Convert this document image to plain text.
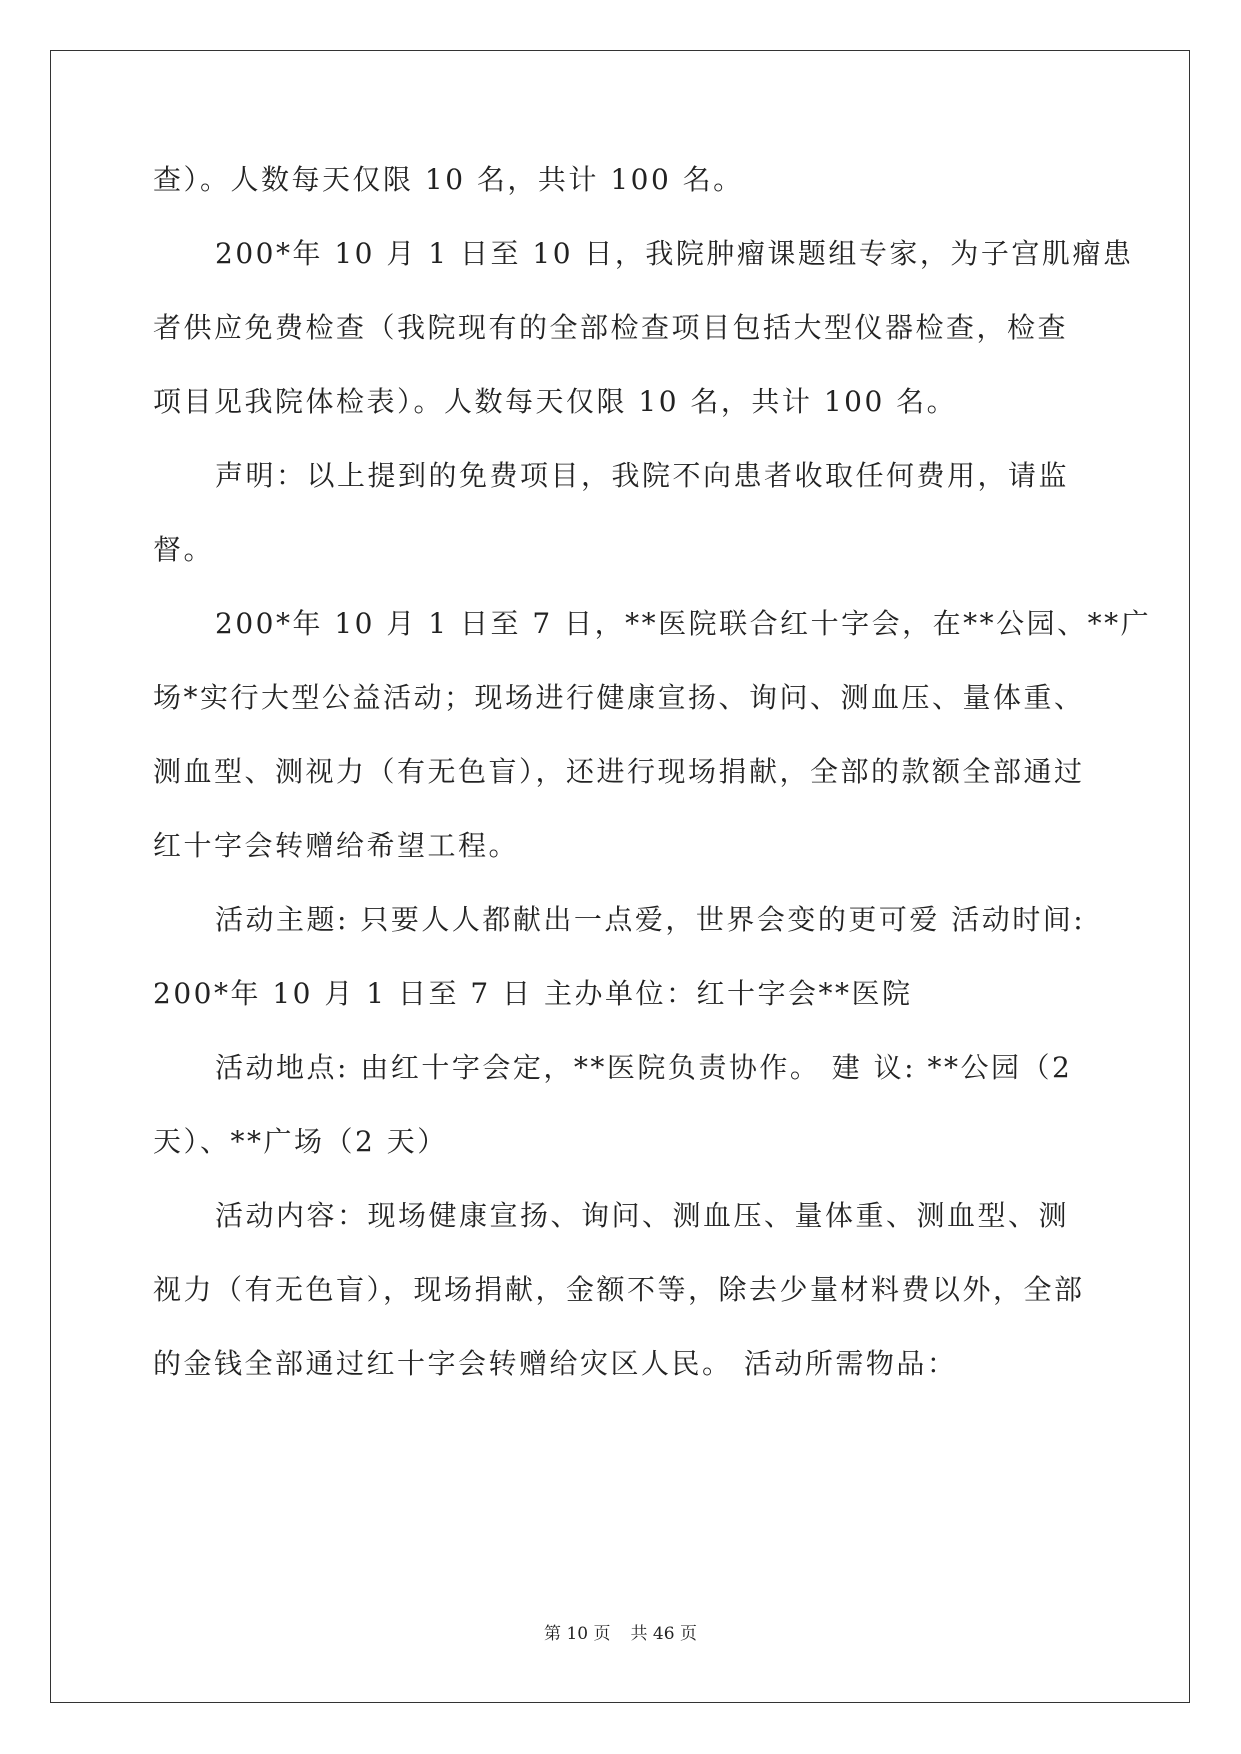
查）。人数每天仅限 10 名，共计 100 名。
200*年 10 月 1 日至 10 日，我院肿瘤课题组专家，为子宫肌瘤患
者供应免费检查（我院现有的全部检查项目包括大型仪器检查，检查
项目见我院体检表）。人数每天仅限 10 名，共计 100 名。
声明：以上提到的免费项目，我院不向患者收取任何费用，请监
督。
200*年 10 月 1 日至 7 日，**医院联合红十字会，在**公园、**广
场*实行大型公益活动；现场进行健康宣扬、询问、测血压、量体重、
测血型、测视力（有无色盲），还进行现场捐献，全部的款额全部通过
红十字会转赠给希望工程。
活动主题: 只要人人都献出一点爱，世界会变的更可爱 活动时间:
200*年 10 月 1 日至 7 日 主办单位：红十字会**医院
活动地点: 由红十字会定，**医院负责协作。 建 议: **公园（2
天）、**广场（2 天）
活动内容：现场健康宣扬、询问、测血压、量体重、测血型、测
视力（有无色盲），现场捐献，金额不等，除去少量材料费以外，全部
的金钱全部通过红十字会转赠给灾区人民。 活动所需物品：
第 10 页 共 46 页
